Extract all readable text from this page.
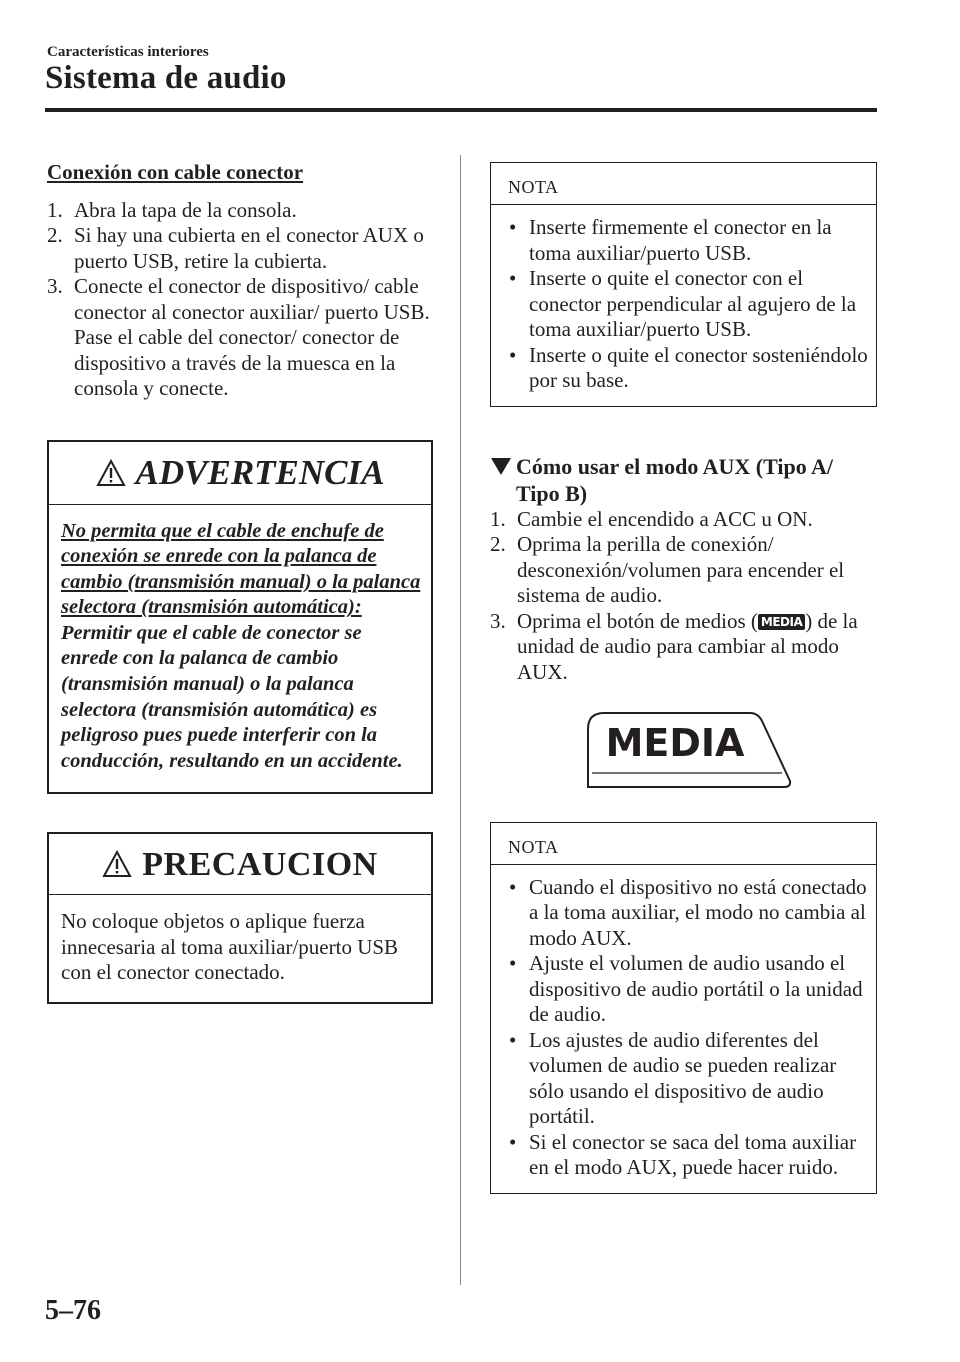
Características interiores
Sistema de audio
Conexión con cable conector
1. Abra la tapa de la consola.
2. Si hay una cubierta en el conector AUX o puerto USB, retire la cubierta.
3. Conecte el conector de dispositivo/ cable conector al conector auxiliar/ puerto USB. Pase el cable del conector/ conector de dispositivo a través de la muesca en la consola y conecte.
ADVERTENCIA
No permita que el cable de enchufe de conexión se enrede con la palanca de cambio (transmisión manual) o la palanca selectora (transmisión automática):
Permitir que el cable de conector se enrede con la palanca de cambio (transmisión manual) o la palanca selectora (transmisión automática) es peligroso pues puede interferir con la conducción, resultando en un accidente.
PRECAUCION
No coloque objetos o aplique fuerza innecesaria al toma auxiliar/puerto USB con el conector conectado.
NOTA
• Inserte firmemente el conector en la toma auxiliar/puerto USB.
• Inserte o quite el conector con el conector perpendicular al agujero de la toma auxiliar/puerto USB.
• Inserte o quite el conector sosteniéndolo por su base.
Cómo usar el modo AUX (Tipo A/ Tipo B)
1. Cambie el encendido a ACC u ON.
2. Oprima la perilla de conexión/ desconexión/volumen para encender el sistema de audio.
3. Oprima el botón de medios ( MEDIA ) de la unidad de audio para cambiar al modo AUX.
MEDIA
NOTA
• Cuando el dispositivo no está conectado a la toma auxiliar, el modo no cambia al modo AUX.
• Ajuste el volumen de audio usando el dispositivo de audio portátil o la unidad de audio.
• Los ajustes de audio diferentes del volumen de audio se pueden realizar sólo usando el dispositivo de audio portátil.
• Si el conector se saca del toma auxiliar en el modo AUX, puede hacer ruido.
5–76
